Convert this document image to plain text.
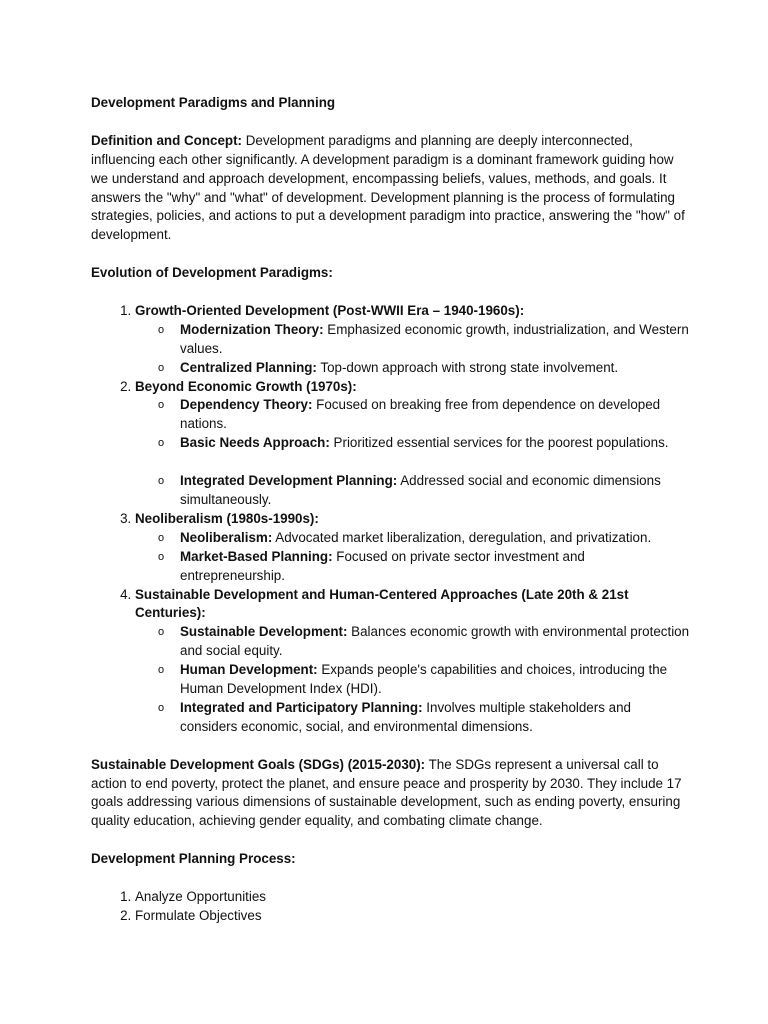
Development Paradigms and Planning
Definition and Concept: Development paradigms and planning are deeply interconnected, influencing each other significantly. A development paradigm is a dominant framework guiding how we understand and approach development, encompassing beliefs, values, methods, and goals. It answers the "why" and "what" of development. Development planning is the process of formulating strategies, policies, and actions to put a development paradigm into practice, answering the "how" of development.
Evolution of Development Paradigms:
1. Growth-Oriented Development (Post-WWII Era – 1940-1960s):
o Modernization Theory: Emphasized economic growth, industrialization, and Western values.
o Centralized Planning: Top-down approach with strong state involvement.
2. Beyond Economic Growth (1970s):
o Dependency Theory: Focused on breaking free from dependence on developed nations.
o Basic Needs Approach: Prioritized essential services for the poorest populations.
o Integrated Development Planning: Addressed social and economic dimensions simultaneously.
3. Neoliberalism (1980s-1990s):
o Neoliberalism: Advocated market liberalization, deregulation, and privatization.
o Market-Based Planning: Focused on private sector investment and entrepreneurship.
4. Sustainable Development and Human-Centered Approaches (Late 20th & 21st Centuries):
o Sustainable Development: Balances economic growth with environmental protection and social equity.
o Human Development: Expands people's capabilities and choices, introducing the Human Development Index (HDI).
o Integrated and Participatory Planning: Involves multiple stakeholders and considers economic, social, and environmental dimensions.
Sustainable Development Goals (SDGs) (2015-2030): The SDGs represent a universal call to action to end poverty, protect the planet, and ensure peace and prosperity by 2030. They include 17 goals addressing various dimensions of sustainable development, such as ending poverty, ensuring quality education, achieving gender equality, and combating climate change.
Development Planning Process:
1. Analyze Opportunities
2. Formulate Objectives
